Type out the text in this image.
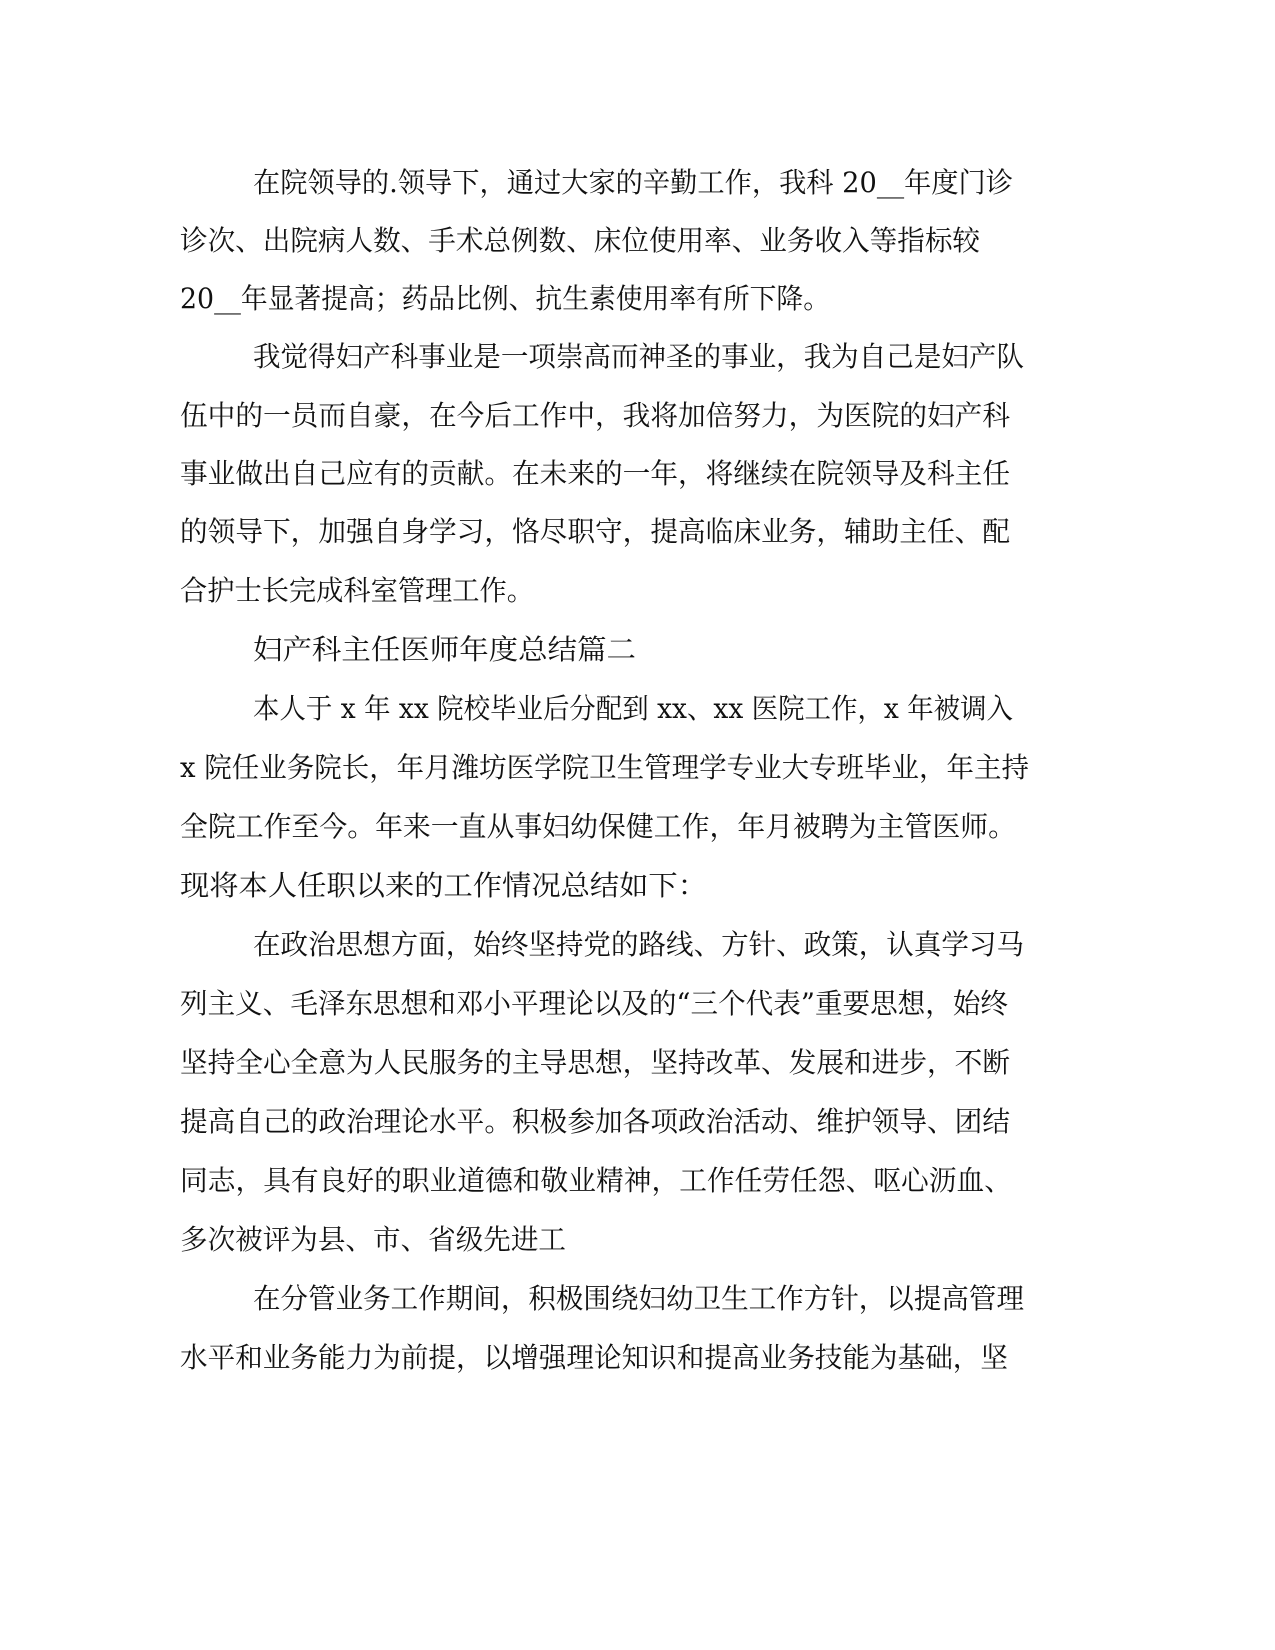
在院领导的.领导下，通过大家的辛勤工作，我科 20__年度门诊
诊次、出院病人数、手术总例数、床位使用率、业务收入等指标较
20__年显著提高；药品比例、抗生素使用率有所下降。
我觉得妇产科事业是一项崇高而神圣的事业，我为自己是妇产队
伍中的一员而自豪，在今后工作中，我将加倍努力，为医院的妇产科
事业做出自己应有的贡献。在未来的一年，将继续在院领导及科主任
的领导下，加强自身学习，恪尽职守，提高临床业务，辅助主任、配
合护士长完成科室管理工作。
妇产科主任医师年度总结篇二
本人于 x 年 xx 院校毕业后分配到 xx、xx 医院工作，x 年被调入
x 院任业务院长，年月潍坊医学院卫生管理学专业大专班毕业，年主持
全院工作至今。年来一直从事妇幼保健工作，年月被聘为主管医师。
现将本人任职以来的工作情况总结如下：
在政治思想方面，始终坚持党的路线、方针、政策，认真学习马
列主义、毛泽东思想和邓小平理论以及的“三个代表”重要思想，始终
坚持全心全意为人民服务的主导思想，坚持改革、发展和进步，不断
提高自己的政治理论水平。积极参加各项政治活动、维护领导、团结
同志，具有良好的职业道德和敬业精神，工作任劳任怨、呕心沥血、
多次被评为县、市、省级先进工
在分管业务工作期间，积极围绕妇幼卫生工作方针，以提高管理
水平和业务能力为前提，以增强理论知识和提高业务技能为基础，坚
